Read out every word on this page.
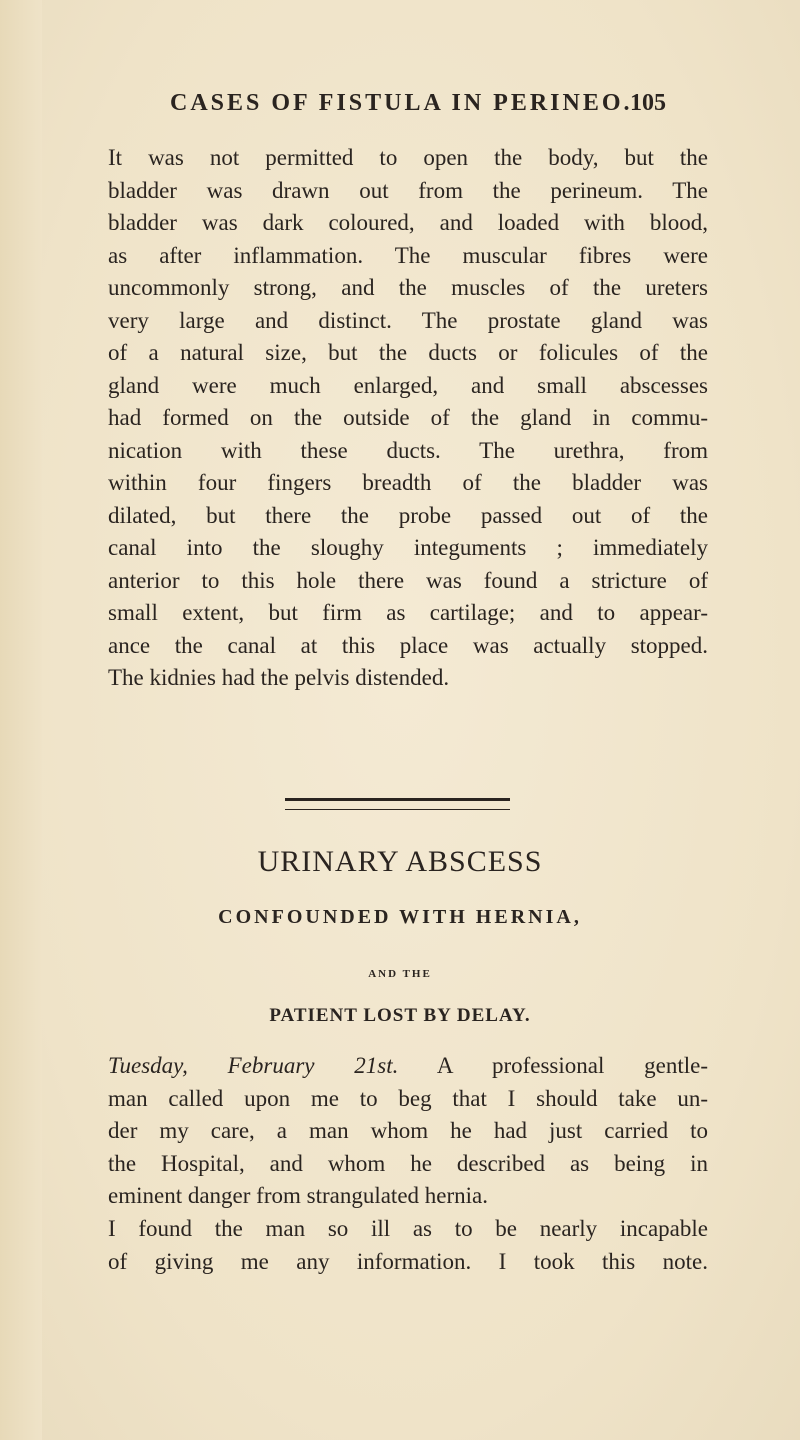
CASES OF FISTULA IN PERINEO.
105

It was not permitted to open the body, but the

bladder was drawn out from the perineum. The

bladder was dark coloured, and loaded with blood,

as after inflammation. The muscular fibres were

uncommonly strong, and the muscles of the ureters

very large and distinct. The prostate gland was

of a natural size, but the ducts or folicules of the

gland were much enlarged, and small abscesses

had formed on the outside of the gland in commu-

nication with these ducts. The urethra, from

within four fingers breadth of the bladder was

dilated, but there the probe passed out of the

canal into the sloughy integuments ; immediately

anterior to this hole there was found a stricture of

small extent, but firm as cartilage; and to appear-

ance the canal at this place was actually stopped.

The kidnies had the pelvis distended.

URINARY ABSCESS
CONFOUNDED WITH HERNIA,
AND THE
PATIENT LOST BY DELAY.

Tuesday, February 21st. A professional gentle-

man called upon me to beg that I should take un-

der my care, a man whom he had just carried to

the Hospital, and whom he described as being in

eminent danger from strangulated hernia.

I found the man so ill as to be nearly incapable

of giving me any information. I took this note.
